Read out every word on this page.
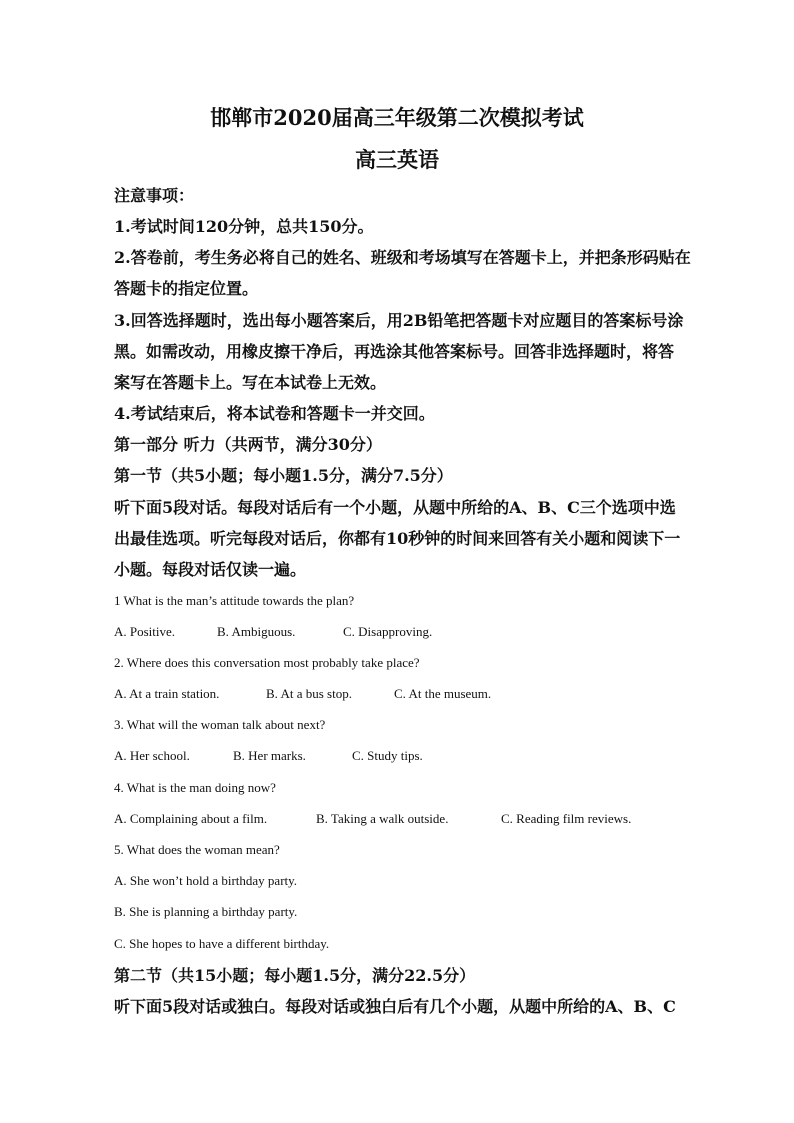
邯郸市2020届高三年级第二次模拟考试
高三英语
注意事项：
1.考试时间120分钟，总共150分。
2.答卷前，考生务必将自己的姓名、班级和考场填写在答题卡上，并把条形码贴在
答题卡的指定位置。
3.回答选择题时，选出每小题答案后，用2B铅笔把答题卡对应题目的答案标号涂
黑。如需改动，用橡皮擦干净后，再选涂其他答案标号。回答非选择题时，将答
案写在答题卡上。写在本试卷上无效。
4.考试结束后，将本试卷和答题卡一并交回。
第一部分 听力（共两节，满分30分）
第一节（共5小题；每小题1.5分，满分7.5分）
听下面5段对话。每段对话后有一个小题，从题中所给的A、B、C三个选项中选
出最佳选项。听完每段对话后，你都有10秒钟的时间来回答有关小题和阅读下一
小题。每段对话仅读一遍。
1 What is the man’s attitude towards the plan?
A. Positive.	B. Ambiguous.	C. Disapproving.
2. Where does this conversation most probably take place?
A. At a train station.	B. At a bus stop.	C. At the museum.
3. What will the woman talk about next?
A. Her school.	B. Her marks.	C. Study tips.
4. What is the man doing now?
A. Complaining about a film.	B. Taking a walk outside.	C. Reading film reviews.
5. What does the woman mean?
A. She won’t hold a birthday party.
B. She is planning a birthday party.
C. She hopes to have a different birthday.
第二节（共15小题；每小题1.5分，满分22.5分）
听下面5段对话或独白。每段对话或独白后有几个小题，从题中所给的A、B、C
